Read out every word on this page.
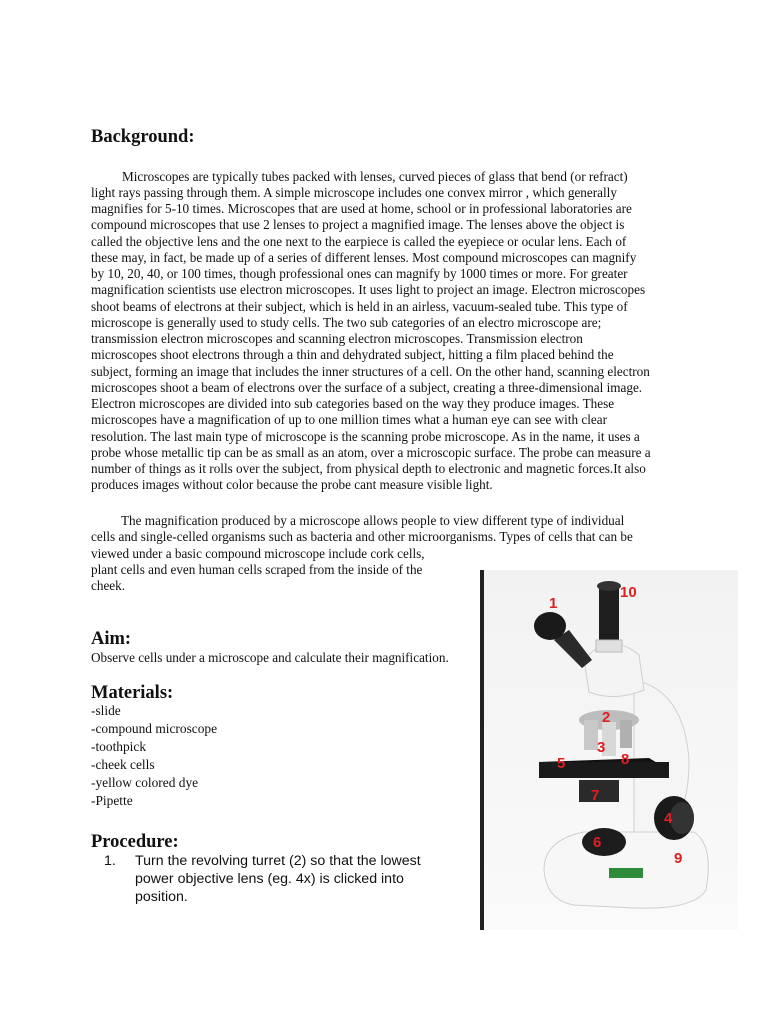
Background:

Microscopes are typically tubes packed with lenses, curved pieces of glass that bend (or refract)

light rays passing through them. A simple microscope includes one convex mirror , which generally

magnifies for 5-10 times. Microscopes that are used at home, school or in professional laboratories are

compound microscopes that use 2 lenses to project a magnified image. The lenses above the object is

called the objective lens and the one next to the earpiece is called the eyepiece or ocular lens. Each of

these may, in fact, be made up of a series of different lenses. Most compound microscopes can magnify

by 10, 20, 40, or 100 times, though professional ones can magnify by 1000 times or more. For greater

magnification scientists use electron microscopes. It uses light to project an image. Electron microscopes

shoot beams of electrons at their subject, which is held in an airless, vacuum-sealed tube. This type of

microscope is generally used to study cells. The two sub categories of an electro microscope are;

transmission electron microscopes and scanning electron microscopes. Transmission electron

microscopes shoot electrons through a thin and dehydrated subject, hitting a film placed behind the

subject, forming an image that includes the inner structures of a cell. On the other hand, scanning electron

microscopes shoot a beam of electrons over the surface of a subject, creating a three-dimensional image.

Electron microscopes are divided into sub categories based on the way they produce images. These

microscopes have a magnification of up to one million times what a human eye can see with clear

resolution. The last main type of microscope is the scanning probe microscope. As in the name, it uses a

probe whose metallic tip can be as small as an atom, over a microscopic surface. The probe can measure a

number of things as it rolls over the subject, from physical depth to electronic and magnetic forces.It also

produces images without color because the probe cant measure visible light.

The magnification produced by a microscope allows people to view different type of individual

cells and single-celled organisms such as bacteria and other microorganisms. Types of cells that can be

viewed under a basic compound microscope include cork cells,

plant cells and even human cells scraped from the inside of the

cheek.

Aim:

Observe cells under a microscope and calculate their magnification.

Materials:

-slide

-compound microscope

-toothpick

-cheek cells

-yellow colored dye

-Pipette

Procedure:
1. Turn the revolving turret (2) so that the lowest
power objective lens (eg. 4x) is clicked into
position.
1
10
2
3
5	8
7
4
6
9
